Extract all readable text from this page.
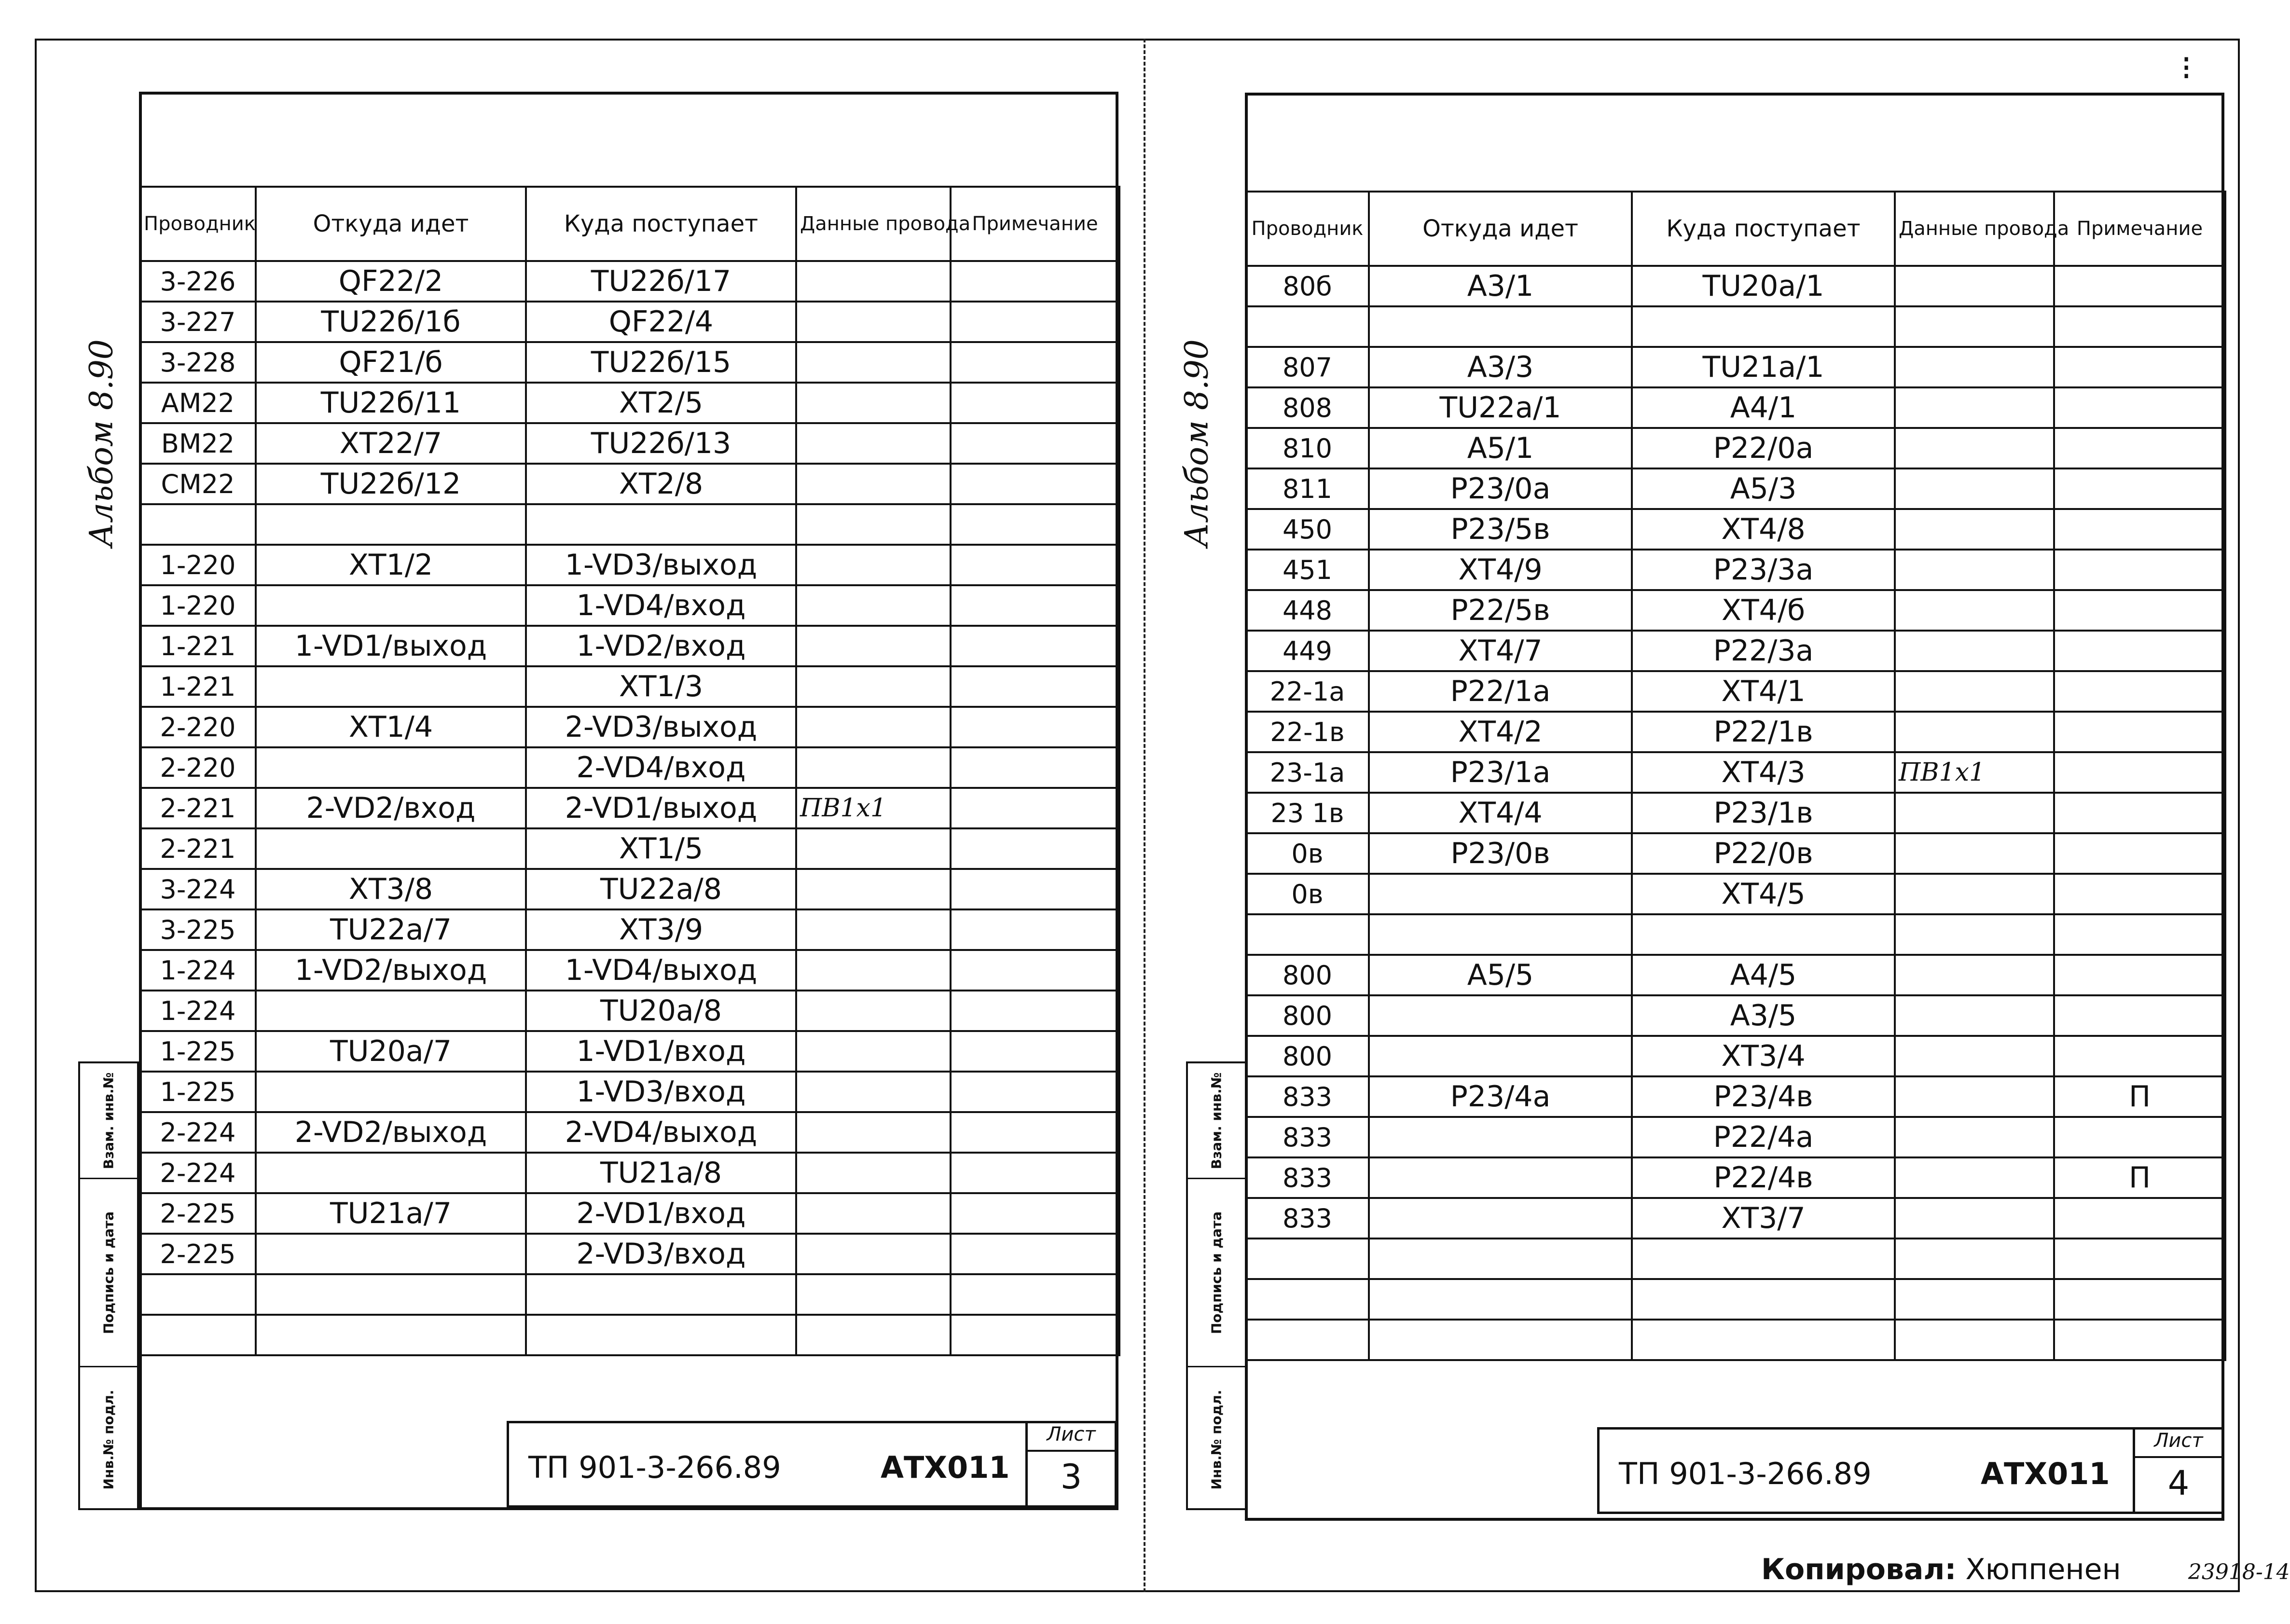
⁝
Альбом 8.90
Взам. инв.№
Подпись и дата
Инв.№ подл.
Проводник	Откуда идет	Куда поступает	Данные провода	Примечание
3-226	QF22/2	ТU22б/17		
3-227	ТU22б/1б	QF22/4		
3-228	QF21/б	ТU22б/15		
АМ22	ТU22б/11	ХТ2/5		
ВМ22	ХТ22/7	ТU22б/13		
СМ22	ТU22б/12	ХТ2/8		

1-220	ХТ1/2	1-VD3/выход		
1-220		1-VD4/вход		
1-221	1-VD1/выход	1-VD2/вход		
1-221		ХТ1/3		
2-220	ХТ1/4	2-VD3/выход		
2-220		2-VD4/вход		
2-221	2-VD2/вход	2-VD1/выход	ПВ1х1	
2-221		ХТ1/5		
3-224	ХТ3/8	ТU22а/8		
3-225	ТU22а/7	ХТ3/9		
1-224	1-VD2/выход	1-VD4/выход		
1-224		ТU20а/8		
1-225	ТU20а/7	1-VD1/вход		
1-225		1-VD3/вход		
2-224	2-VD2/выход	2-VD4/выход		
2-224		ТU21а/8		
2-225	ТU21а/7	2-VD1/вход		
2-225		2-VD3/вход		

ТП 901-3-266.89	АТХ011
Лист
3
Альбом 8.90
Взам. инв.№
Подпись и дата
Инв.№ подл.
Проводник	Откуда идет	Куда поступает	Данные провода	Примечание
80б	А3/1	ТU20а/1		

807	А3/3	ТU21а/1		
808	ТU22а/1	А4/1		
810	А5/1	Р22/0а		
811	Р23/0а	А5/3		
450	Р23/5в	ХТ4/8		
451	ХТ4/9	Р23/3а		
448	Р22/5в	ХТ4/б		
449	ХТ4/7	Р22/3а		
22-1а	Р22/1а	ХТ4/1		
22-1в	ХТ4/2	Р22/1в		
23-1а	Р23/1а	ХТ4/3	ПВ1х1	
23 1в	ХТ4/4	Р23/1в		
0в	Р23/0в	Р22/0в		
0в		ХТ4/5		

800	А5/5	А4/5		
800		А3/5		
800		ХТ3/4		
833	Р23/4а	Р23/4в		П
833		Р22/4а		
833		Р22/4в		П
833		ХТ3/7		

ТП 901-3-266.89	АТХ011
Лист
4
Копировал: Хюппенен	23918-14
